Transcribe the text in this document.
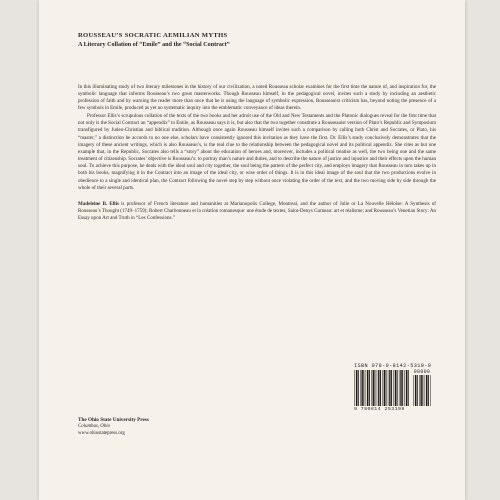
ROUSSEAU’S SOCRATIC AEMILIAN MYTHS
A Literary Collation of “Emile” and the “Social Contract”

In this illuminating study of two literary milestones in the history of our civilization, a noted Rousseau scholar examines for the first time the nature of, and inspiration for, the symbolic language that informs Rousseau’s two great masterworks. Though Rousseau himself, in the pedagogical novel, invites such a study by including an aesthetic profession of faith and by warning the reader more than once that he is using the language of symbolic expression, Rousseauist criticism has, beyond noting the presence of a few symbols in Emile, produced as yet no systematic inquiry into the emblematic conveyance of ideas therein.

Professor Ellis’s scrupulous collation of the texts of the two books and her adroit use of the Old and New Testaments and the Platonic dialogues reveal for the first time that not only is the Social Contract an “appendix” to Emile, as Rousseau says it is, but also that the two together constitute a Rousseauist version of Plato’s Republic and Symposium transfigured by Judeo-Christian and biblical tradition. Although once again Rousseau himself invites such a comparison by calling both Christ and Socrates, or Plato, his “master,” a distinction he accords to no one else, scholars have consistently ignored this invitation as they have the first. Dr. Ellis’s study conclusively demonstrates that the imagery of these ancient writings, which is also Rousseau’s, is the real clue to the relationship between the pedagogical novel and its political appendix. She cites as but one example that, in the Republic, Socrates also tells a “story” about the education of heroes and, moreover, includes a political treatise as well, the two being one and the same treatment of citizenship. Socrates’ objective is Rousseau’s: to portray man’s nature and duties, and to describe the nature of justice and injustice and their effects upon the human soul. To achieve this purpose, he deals with the ideal soul and city together, the soul being the pattern of the perfect city, and employs imagery that Rousseau in turn takes up in both his books, magnifying it in the Contract into an image of the ideal city, or wise order of things. It is in this ideal image of the soul that the two productions evolve in obedience to a single and identical plan, the Contract following the novel step by step without once violating the order of the text, and the two moving side by side through the whole of their several parts.

Madeleine B. Ellis is professor of French literature and humanities at Marianopolis College, Montreal, and the author of Julie or La Nouvelle Héloïse: A Synthesis of Rousseau’s Thought (1749–1759); Robert Charbonneau et la création romanesque: une étude de textes; Saint-Denys Garneau: art et réalisme; and Rousseau’s Venetian Story: An Essay upon Art and Truth in “Les Confessions.”

ISBN 978-0-8142-5319-9
90000
9 780814 253199
The Ohio State University Press
Columbus, Ohio
www.ohiostatepress.org
